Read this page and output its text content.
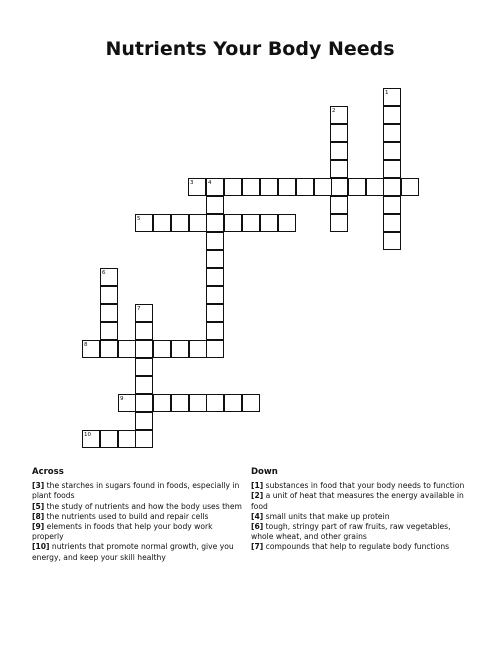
Nutrients Your Body Needs
1
2
3	4
5
6
7
8
9
10
Across
[3] the starches in sugars found in foods, especially in plant foods
[5] the study of nutrients and how the body uses them
[8] the nutrients used to build and repair cells
[9] elements in foods that help your body work properly
[10] nutrients that promote normal growth, give you energy, and keep your skill healthy
Down
[1] substances in food that your body needs to function
[2] a unit of heat that measures the energy available in food
[4] small units that make up protein
[6] tough, stringy part of raw fruits, raw vegetables, whole wheat, and other grains
[7] compounds that help to regulate body functions
